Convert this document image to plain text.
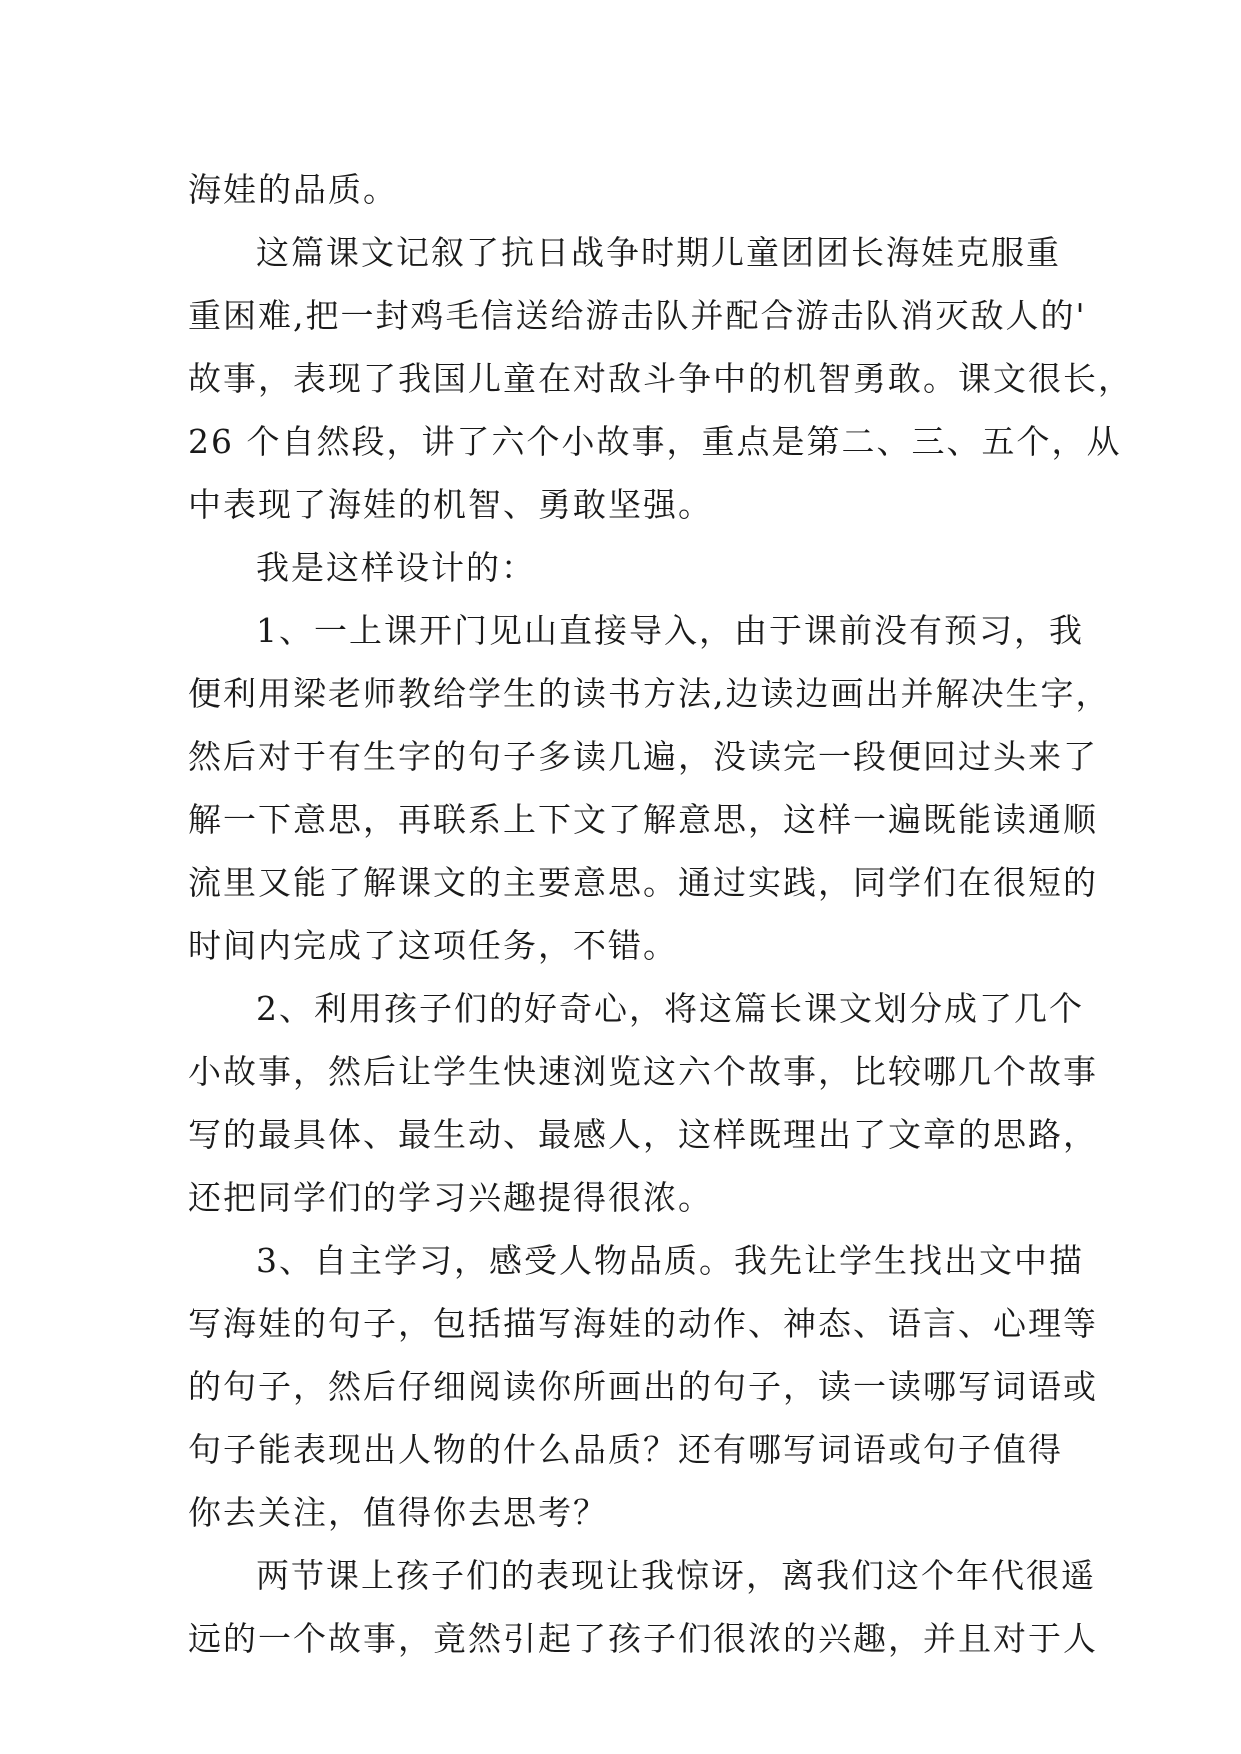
海娃的品质。
这篇课文记叙了抗日战争时期儿童团团长海娃克服重
重困难,把一封鸡毛信送给游击队并配合游击队消灭敌人的'
故事，表现了我国儿童在对敌斗争中的机智勇敢。课文很长，
26 个自然段，讲了六个小故事，重点是第二、三、五个，从
中表现了海娃的机智、勇敢坚强。
我是这样设计的：
1、一上课开门见山直接导入，由于课前没有预习，我
便利用梁老师教给学生的读书方法,边读边画出并解决生字，
然后对于有生字的句子多读几遍，没读完一段便回过头来了
解一下意思，再联系上下文了解意思，这样一遍既能读通顺
流里又能了解课文的主要意思。通过实践，同学们在很短的
时间内完成了这项任务，不错。
2、利用孩子们的好奇心，将这篇长课文划分成了几个
小故事，然后让学生快速浏览这六个故事，比较哪几个故事
写的最具体、最生动、最感人，这样既理出了文章的思路，
还把同学们的学习兴趣提得很浓。
3、自主学习，感受人物品质。我先让学生找出文中描
写海娃的句子，包括描写海娃的动作、神态、语言、心理等
的句子，然后仔细阅读你所画出的句子，读一读哪写词语或
句子能表现出人物的什么品质？还有哪写词语或句子值得
你去关注，值得你去思考？
两节课上孩子们的表现让我惊讶，离我们这个年代很遥
远的一个故事，竟然引起了孩子们很浓的兴趣，并且对于人
